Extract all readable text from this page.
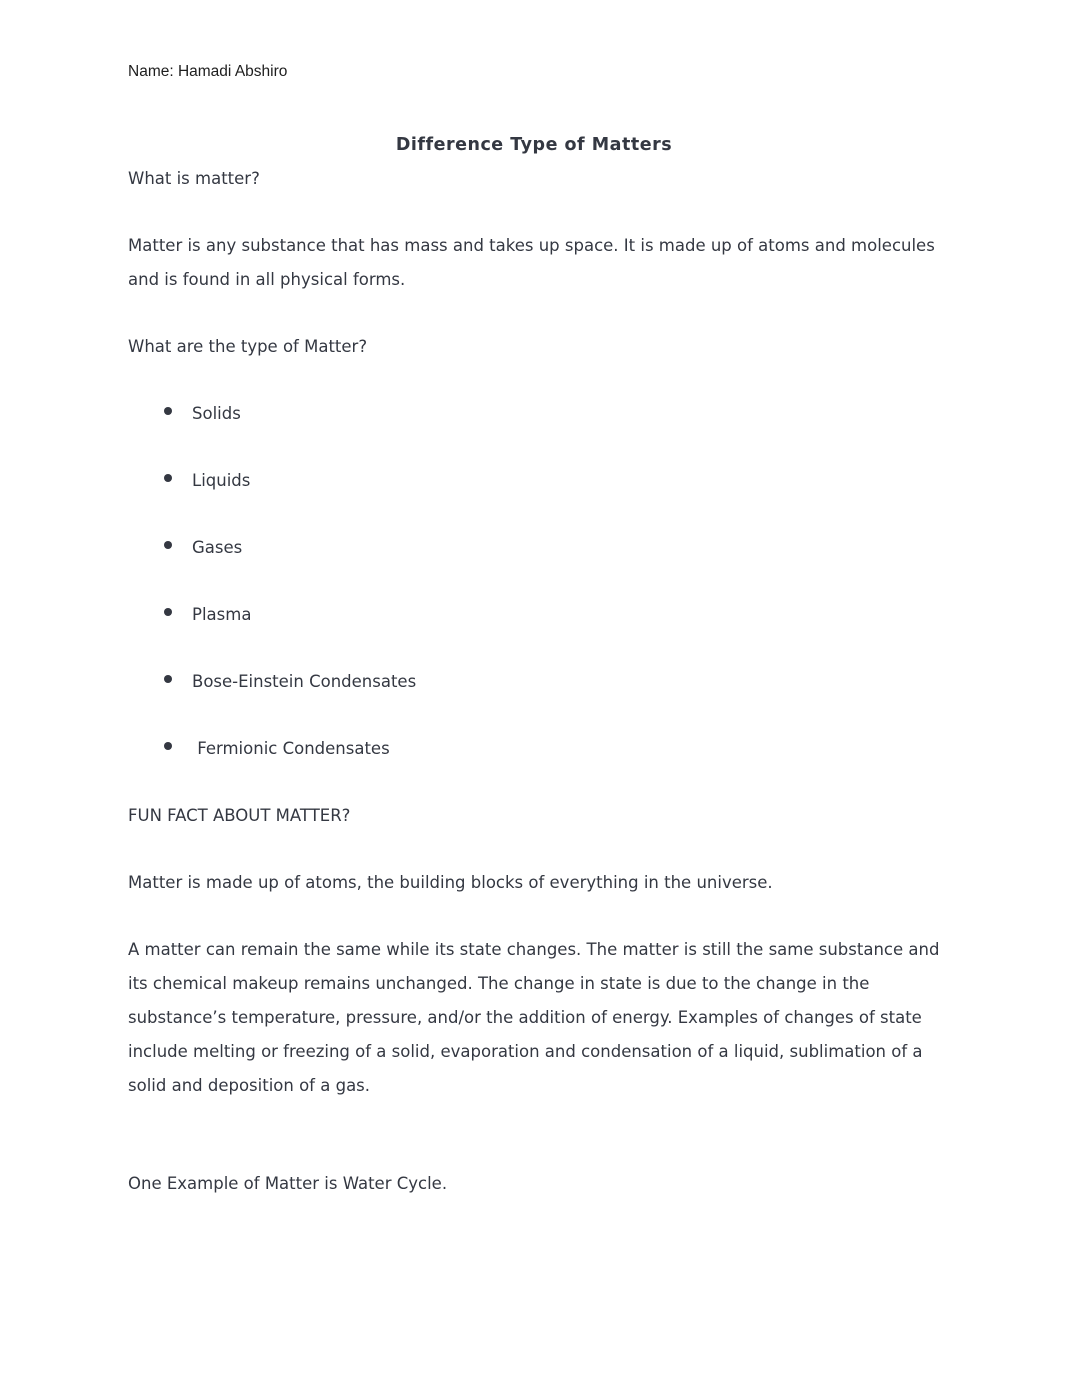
Name: Hamadi Abshiro

Difference Type of Matters

What is matter?

Matter is any substance that has mass and takes up space. It is made up of atoms and molecules and is found in all physical forms.

What are the type of Matter?

Solids
Liquids
Gases
Plasma
Bose-Einstein Condensates
Fermionic Condensates

FUN FACT ABOUT MATTER?

Matter is made up of atoms, the building blocks of everything in the universe.

A matter can remain the same while its state changes. The matter is still the same substance and its chemical makeup remains unchanged. The change in state is due to the change in the substance’s temperature, pressure, and/or the addition of energy. Examples of changes of state include melting or freezing of a solid, evaporation and condensation of a liquid, sublimation of a solid and deposition of a gas.

One Example of Matter is Water Cycle.
